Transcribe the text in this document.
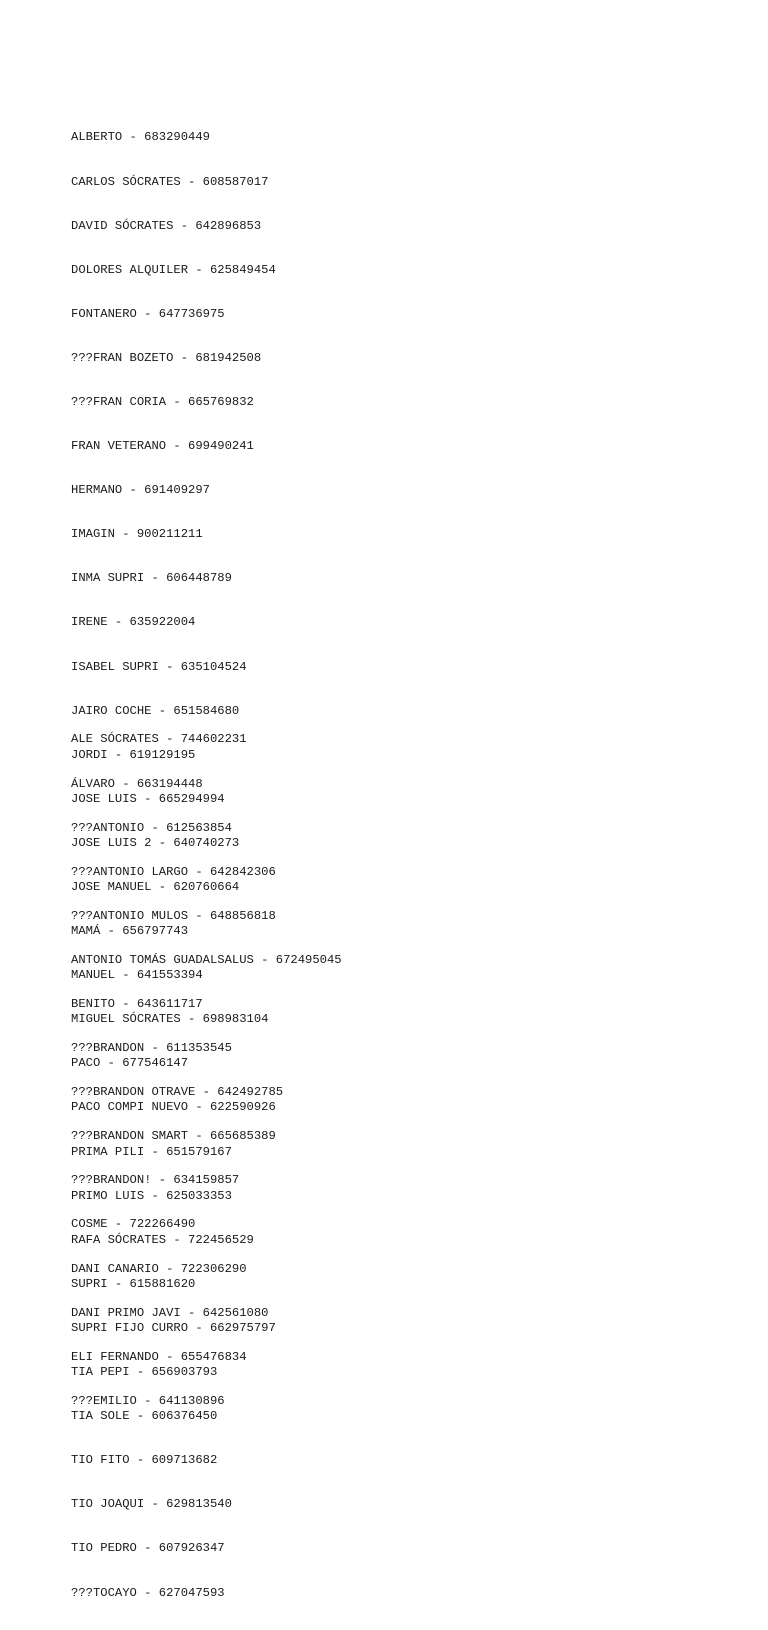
ALBERTO - 683290449

CARLOS SÓCRATES - 608587017

DAVID SÓCRATES - 642896853

DOLORES ALQUILER - 625849454

FONTANERO - 647736975

???FRAN BOZETO - 681942508

???FRAN CORIA - 665769832

FRAN VETERANO - 699490241

HERMANO - 691409297

IMAGIN - 900211211

INMA SUPRI - 606448789

IRENE - 635922004

ISABEL SUPRI - 635104524

JAIRO COCHE - 651584680

JORDI - 619129195

JOSE LUIS - 665294994

JOSE LUIS 2 - 640740273

JOSE MANUEL - 620760664

MAMÁ - 656797743

MANUEL - 641553394

MIGUEL SÓCRATES - 698983104

PACO - 677546147

PACO COMPI NUEVO - 622590926

PRIMA PILI - 651579167

PRIMO LUIS - 625033353

RAFA SÓCRATES - 722456529

SUPRI - 615881620

SUPRI FIJO CURRO - 662975797

TIA PEPI - 656903793

TIA SOLE - 606376450

TIO FITO - 609713682

TIO JOAQUI - 629813540

TIO PEDRO - 607926347

???TOCAYO - 627047593

ALE SÓCRATES - 744602231

ÁLVARO - 663194448

???ANTONIO - 612563854

???ANTONIO LARGO - 642842306

???ANTONIO MULOS - 648856818

ANTONIO TOMÁS GUADALSALUS - 672495045

BENITO - 643611717

???BRANDON - 611353545

???BRANDON OTRAVE - 642492785

???BRANDON SMART - 665685389

???BRANDON! - 634159857

COSME - 722266490

DANI CANARIO - 722306290

DANI PRIMO JAVI - 642561080

ELI FERNANDO - 655476834

???EMILIO - 641130896
